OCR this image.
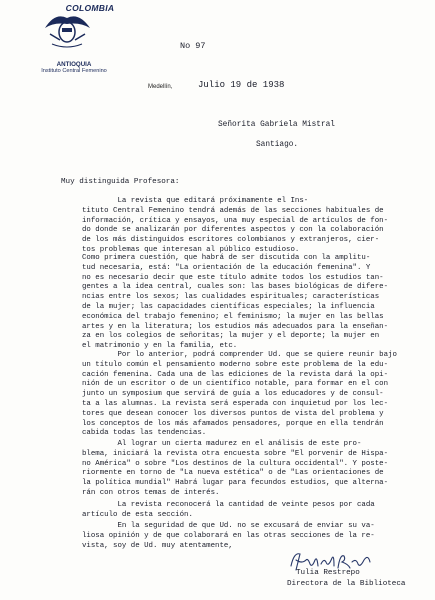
COLOMBIA
ANTIOQUIA
Instituto Central Femenino
Medellín,
No 97
Julio 19 de 1938
Señorita Gabriela Mistral
Santiago.
Muy distinguida Profesora:
La revista que editará próximamente el Ins-
tituto Central Femenino tendrá además de las secciones habituales de
información, crítica y ensayos, una muy especial de artículos de fon-
do donde se analizarán por diferentes aspectos y con la colaboración
de los más distinguidos escritores colombianos y extranjeros, cier-
tos problemas que interesan al público estudioso.
Como primera cuestión, que habrá de ser discutida con la amplitu-
tud necesaria, está: "La orientación de la educación femenina". Y
no es necesario decir que este título admite todos los estudios tan-
gentes a la idea central, cuales son: las bases biológicas de difere-
ncias entre los sexos; las cualidades espirituales; características
de la mujer; las capacidades científicas especiales; la influencia
económica del trabajo femenino; el feminismo; la mujer en las bellas
artes y en la literatura; los estudios más adecuados para la enseñan-
za en los colegios de señoritas; la mujer y el deporte; la mujer en
el matrimonio y en la familia, etc.
Por lo anterior, podrá comprender Ud. que se quiere reunir bajo
un título común el pensamiento moderno sobre este problema de la edu-
cación femenina. Cada una de las ediciones de la revista dará la opi-
nión de un escritor o de un científico notable, para formar en el con
junto un symposium que servirá de guía a los educadores y de consul-
ta a las alumnas. La revista será esperada con inquietud por los lec-
tores que desean conocer los diversos puntos de vista del problema y
los conceptos de los más afamados pensadores, porque en ella tendrán
cabida todas las tendencias.
Al lograr un cierta madurez en el análisis de este pro-
blema, iniciará la revista otra encuesta sobre "El porvenir de Hispa-
no América" o sobre "Los destinos de la cultura occidental". Y poste-
riormente en torno de "La nueva estética" o de "Las orientaciones de
la política mundial" Habrá lugar para fecundos estudios, que alterna-
rán con otros temas de interés.
La revista reconocerá la cantidad de veinte pesos por cada
artículo de esta sección.
En la seguridad de que Ud. no se excusará de enviar su va-
liosa opinión y de que colaborará en las otras secciones de la re-
vista, soy de Ud. muy atentamente,
Tulia Restrepo
Directora de la Biblioteca
